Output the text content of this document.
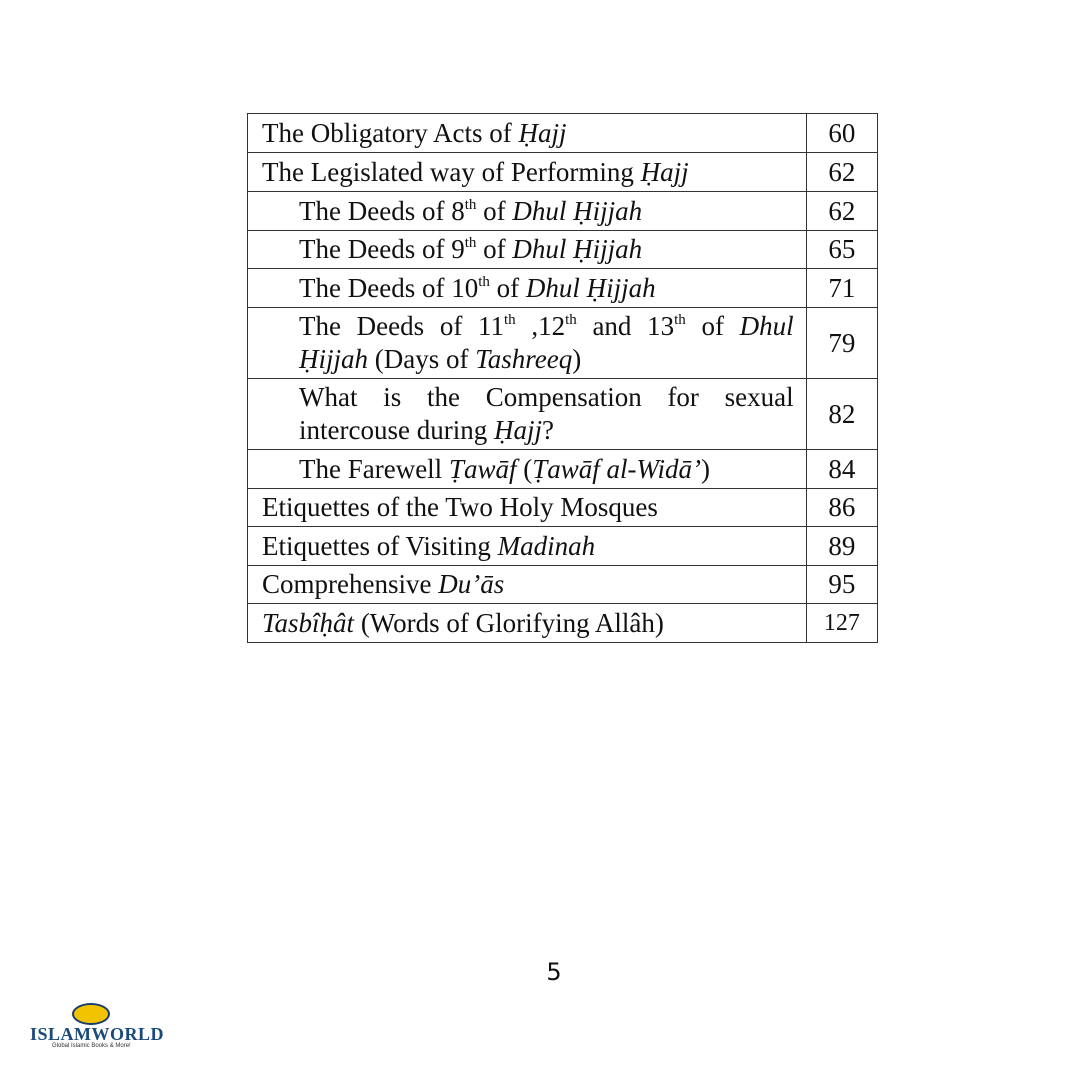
The Obligatory Acts of Ḥajj	60
The Legislated way of Performing Ḥajj	62
The Deeds of 8th of Dhul Ḥijjah	62
The Deeds of 9th of Dhul Ḥijjah	65
The Deeds of 10th of Dhul Ḥijjah	71
The Deeds of 11th ,12th and 13th of Dhul Ḥijjah (Days of Tashreeq)	79
What is the Compensation for sexual intercouse during Ḥajj?	82
The Farewell Ṭawāf (Ṭawāf al-Widā’)	84
Etiquettes of the Two Holy Mosques	86
Etiquettes of Visiting Madinah	89
Comprehensive Du’ās	95
Tasbîḥât (Words of Glorifying Allâh)	127
5
ISLAMWORLD
Global Islamic Books & More!
